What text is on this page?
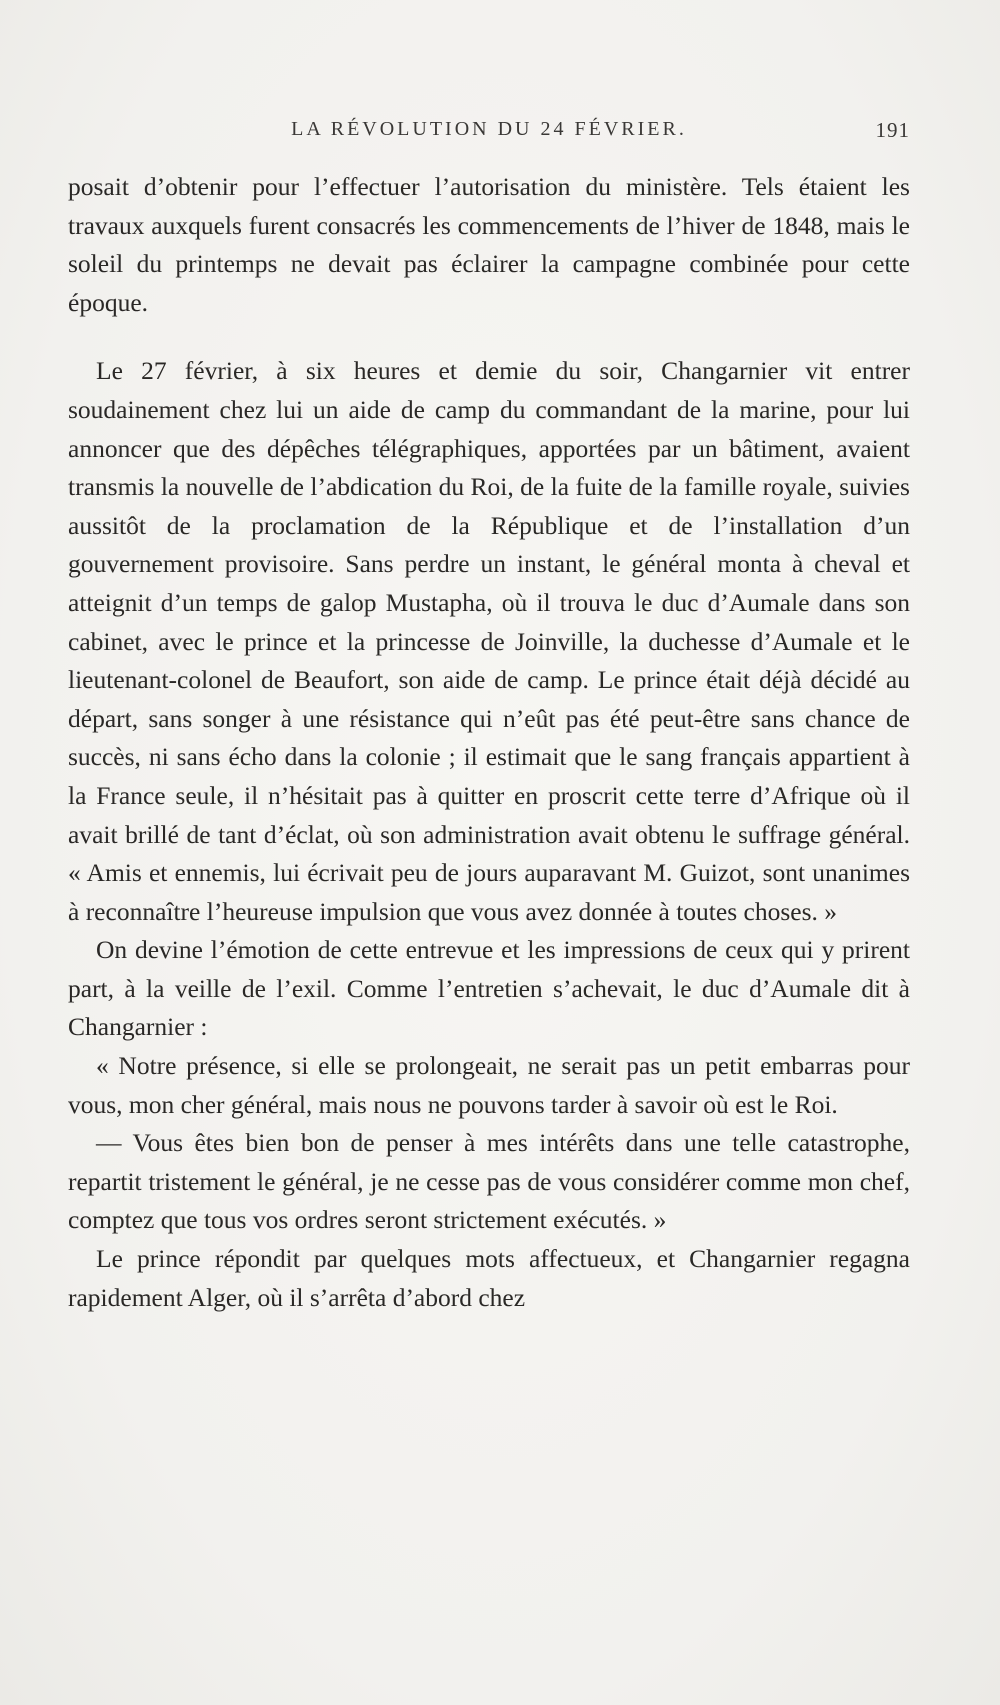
LA RÉVOLUTION DU 24 FÉVRIER.	191

posait d’obtenir pour l’effectuer l’autorisation du ministère. Tels étaient les travaux auxquels furent consacrés les commencements de l’hiver de 1848, mais le soleil du printemps ne devait pas éclairer la campagne combinée pour cette époque.

Le 27 février, à six heures et demie du soir, Changarnier vit entrer soudainement chez lui un aide de camp du commandant de la marine, pour lui annoncer que des dépêches télégraphiques, apportées par un bâtiment, avaient transmis la nouvelle de l’abdication du Roi, de la fuite de la famille royale, suivies aussitôt de la proclamation de la République et de l’installation d’un gouvernement provisoire. Sans perdre un instant, le général monta à cheval et atteignit d’un temps de galop Mustapha, où il trouva le duc d’Aumale dans son cabinet, avec le prince et la princesse de Joinville, la duchesse d’Aumale et le lieutenant-colonel de Beaufort, son aide de camp. Le prince était déjà décidé au départ, sans songer à une résistance qui n’eût pas été peut-être sans chance de succès, ni sans écho dans la colonie ; il estimait que le sang français appartient à la France seule, il n’hésitait pas à quitter en proscrit cette terre d’Afrique où il avait brillé de tant d’éclat, où son administration avait obtenu le suffrage général. « Amis et ennemis, lui écrivait peu de jours auparavant M. Guizot, sont unanimes à reconnaître l’heureuse impulsion que vous avez donnée à toutes choses. »

On devine l’émotion de cette entrevue et les impressions de ceux qui y prirent part, à la veille de l’exil. Comme l’entretien s’achevait, le duc d’Aumale dit à Changarnier :

« Notre présence, si elle se prolongeait, ne serait pas un petit embarras pour vous, mon cher général, mais nous ne pouvons tarder à savoir où est le Roi.

— Vous êtes bien bon de penser à mes intérêts dans une telle catastrophe, repartit tristement le général, je ne cesse pas de vous considérer comme mon chef, comptez que tous vos ordres seront strictement exécutés. »

Le prince répondit par quelques mots affectueux, et Changarnier regagna rapidement Alger, où il s’arrêta d’abord chez
